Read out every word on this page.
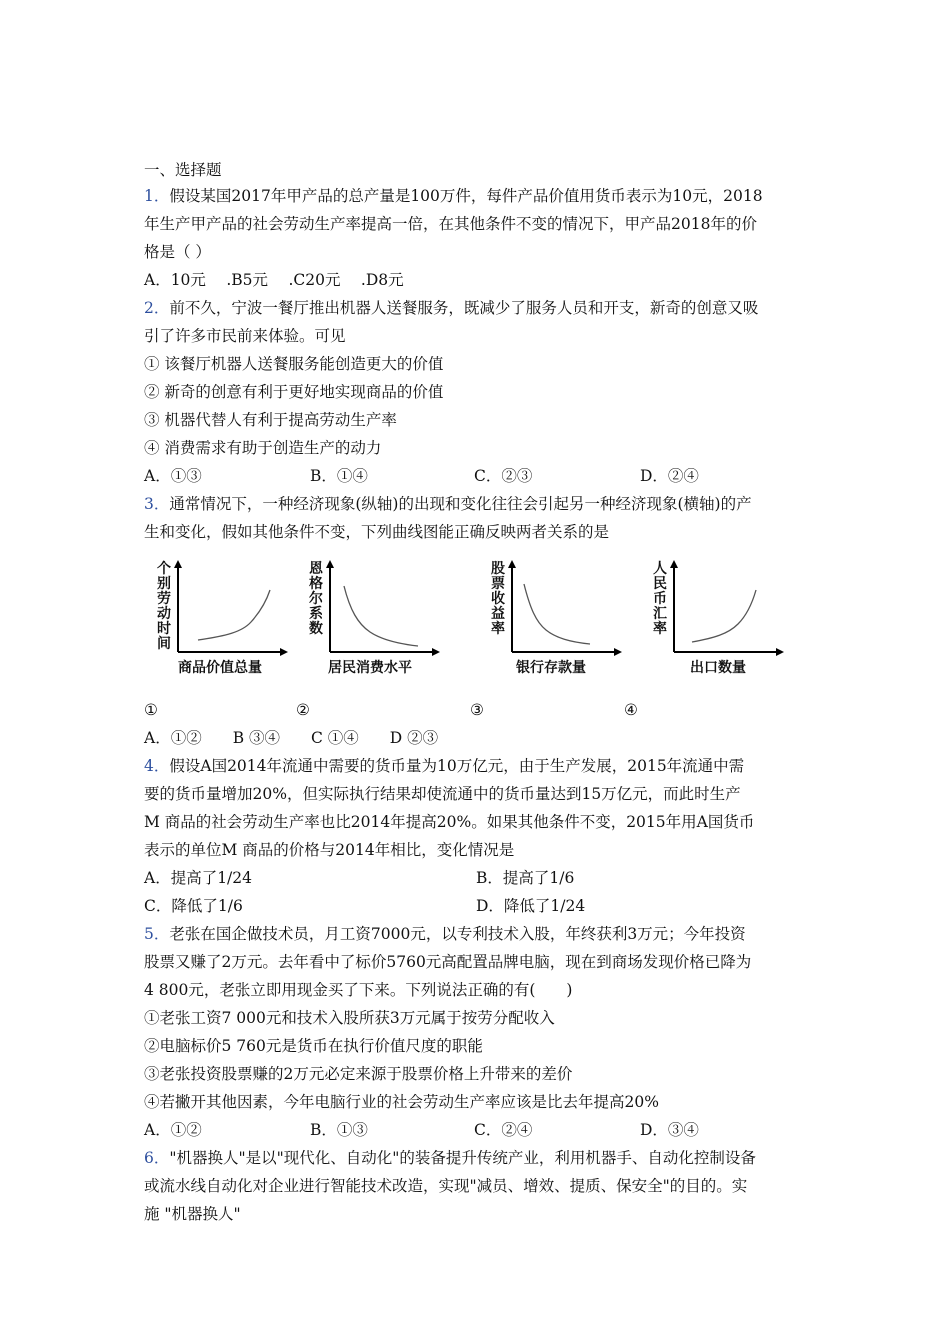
一、选择题
1．假设某国2017年甲产品的总产量是100万件，每件产品价值用货币表示为10元，2018
年生产甲产品的社会劳动生产率提高一倍，在其他条件不变的情况下，甲产品2018年的价
格是（ ）
A．10元　 .B5元　 .C20元　 .D8元
2．前不久，宁波一餐厅推出机器人送餐服务，既减少了服务人员和开支，新奇的创意又吸
引了许多市民前来体验。可见
① 该餐厅机器人送餐服务能创造更大的价值
② 新奇的创意有利于更好地实现商品的价值
③ 机器代替人有利于提高劳动生产率
④ 消费需求有助于创造生产的动力
A．①③	B．①④	C．②③	D．②④
3．通常情况下，一种经济现象(纵轴)的出现和变化往往会引起另一种经济现象(横轴)的产
生和变化，假如其他条件不变，下列曲线图能正确反映两者关系的是
个别劳动时间
商品价值总量
恩格尔系数
居民消费水平
股票收益率
银行存款量
人民币汇率
出口数量
①	②	③	④
A．①②　　B ③④　　C ①④　　D ②③
4．假设A国2014年流通中需要的货币量为10万亿元，由于生产发展，2015年流通中需
要的货币量增加20%，但实际执行结果却使流通中的货币量达到15万亿元，而此时生产
M 商品的社会劳动生产率也比2014年提高20%。如果其他条件不变，2015年用A国货币
表示的单位M 商品的价格与2014年相比，变化情况是
A．提高了1/24	B．提高了1/6
C．降低了1/6	D．降低了1/24
5．老张在国企做技术员，月工资7000元，以专利技术入股，年终获利3万元；今年投资
股票又赚了2万元。去年看中了标价5760元高配置品牌电脑，现在到商场发现价格已降为
4 800元，老张立即用现金买了下来。下列说法正确的有(　　)
①老张工资7 000元和技术入股所获3万元属于按劳分配收入
②电脑标价5 760元是货币在执行价值尺度的职能
③老张投资股票赚的2万元必定来源于股票价格上升带来的差价
④若撇开其他因素，今年电脑行业的社会劳动生产率应该是比去年提高20%
A．①②	B．①③	C．②④	D．③④
6．"机器换人"是以"现代化、自动化"的装备提升传统产业，利用机器手、自动化控制设备
或流水线自动化对企业进行智能技术改造，实现"减员、增效、提质、保安全"的目的。实
施 "机器换人"
